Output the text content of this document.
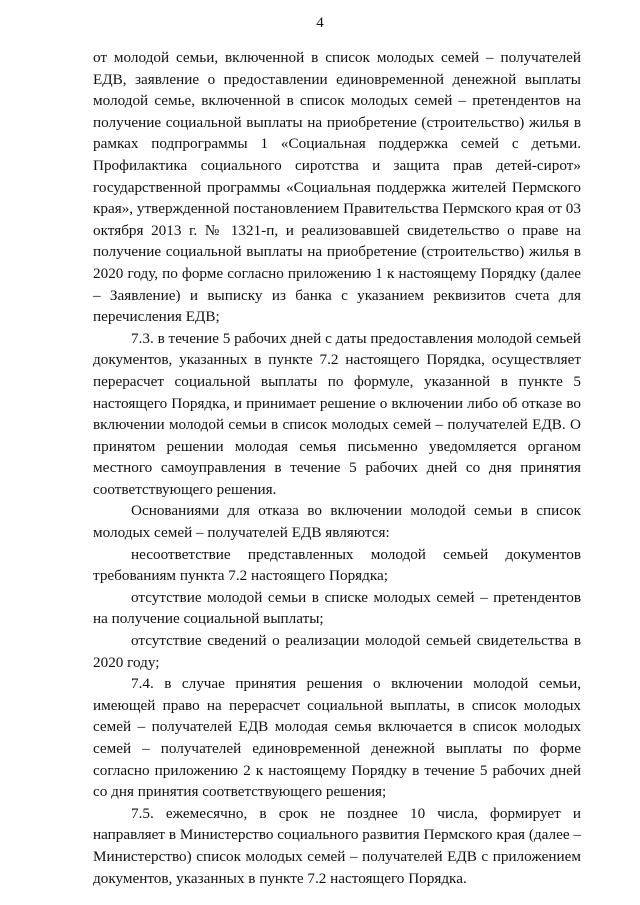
4

от молодой семьи, включенной в список молодых семей – получателей ЕДВ, заявление о предоставлении единовременной денежной выплаты молодой семье, включенной в список молодых семей – претендентов на получение социальной выплаты на приобретение (строительство) жилья в рамках подпрограммы 1 «Социальная поддержка семей с детьми. Профилактика социального сиротства и защита прав детей-сирот» государственной программы «Социальная поддержка жителей Пермского края», утвержденной постановлением Правительства Пермского края от 03 октября 2013 г. № 1321-п, и реализовавшей свидетельство о праве на получение социальной выплаты на приобретение (строительство) жилья в 2020 году, по форме согласно приложению 1 к настоящему Порядку (далее – Заявление) и выписку из банка с указанием реквизитов счета для перечисления ЕДВ;

7.3. в течение 5 рабочих дней с даты предоставления молодой семьей документов, указанных в пункте 7.2 настоящего Порядка, осуществляет перерасчет социальной выплаты по формуле, указанной в пункте 5 настоящего Порядка, и принимает решение о включении либо об отказе во включении молодой семьи в список молодых семей – получателей ЕДВ. О принятом решении молодая семья письменно уведомляется органом местного самоуправления в течение 5 рабочих дней со дня принятия соответствующего решения.

Основаниями для отказа во включении молодой семьи в список молодых семей – получателей ЕДВ являются:

несоответствие представленных молодой семьей документов требованиям пункта 7.2 настоящего Порядка;

отсутствие молодой семьи в списке молодых семей – претендентов на получение социальной выплаты;

отсутствие сведений о реализации молодой семьей свидетельства в 2020 году;

7.4. в случае принятия решения о включении молодой семьи, имеющей право на перерасчет социальной выплаты, в список молодых семей – получателей ЕДВ молодая семья включается в список молодых семей – получателей единовременной денежной выплаты по форме согласно приложению 2 к настоящему Порядку в течение 5 рабочих дней со дня принятия соответствующего решения;

7.5. ежемесячно, в срок не позднее 10 числа, формирует и направляет в Министерство социального развития Пермского края (далее – Министерство) список молодых семей – получателей ЕДВ с приложением документов, указанных в пункте 7.2 настоящего Порядка.
